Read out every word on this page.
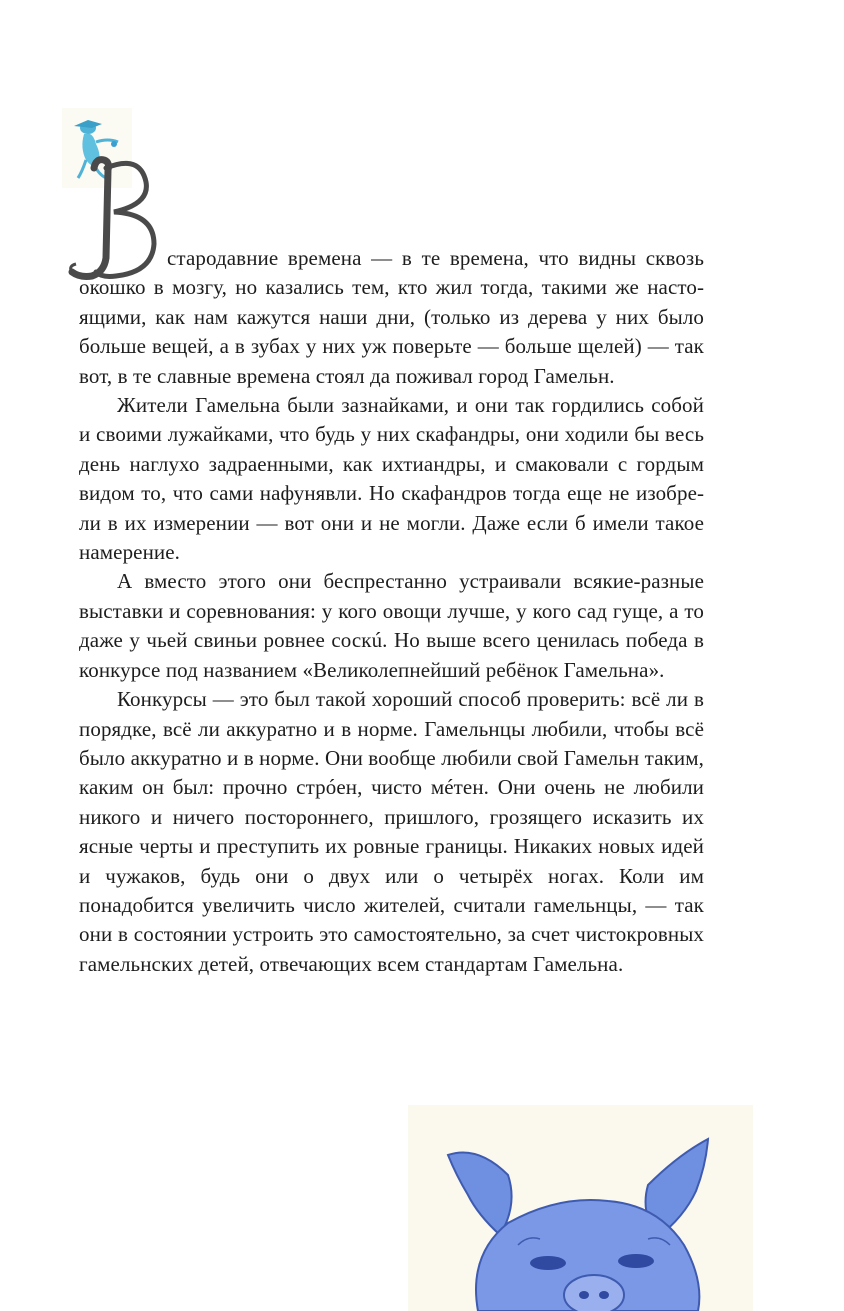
стародавние времена — в те времена, что видны сквозь
окошко в мозгу, но казались тем, кто жил тогда, такими же настоящими, как нам кажутся наши дни, (только из дерева у них было больше вещей, а в зубах у них уж поверьте — больше щелей) — так вот, в те славные времена стоял да поживал город Гамельн.

Жители Гамельна были зазнайками, и они так гордились собой и своими лужайками, что будь у них скафандры, они ходили бы весь день наглухо задраенными, как ихтиандры, и смаковали с гордым видом то, что сами нафунявли. Но скафандров тогда еще не изобрели в их измерении — вот они и не могли. Даже если б имели такое намерение.

А вместо этого они беспрестанно устраивали всякие-разные выставки и соревнования: у кого овощи лучше, у кого сад гуще, а то даже у чьей свиньи ровнее соскú. Но выше всего ценилась победа в конкурсе под названием «Великолепнейший ребёнок Гамельна».

Конкурсы — это был такой хороший способ проверить: всё ли в порядке, всё ли аккуратно и в норме. Гамельнцы любили, чтобы всё было аккуратно и в норме. Они вообще любили свой Гамельн таким, каким он был: прочно стрóен, чисто мéтен. Они очень не любили никого и ничего постороннего, пришлого, грозящего исказить их ясные черты и преступить их ровные границы. Никаких новых идей и чужаков, будь они о двух или о четырёх ногах. Коли им понадобится увеличить число жителей, считали гамельнцы, — так они в состоянии устроить это самостоятельно, за счет чистокровных гамельнских детей, отвечающих всем стандартам Гамельна.
